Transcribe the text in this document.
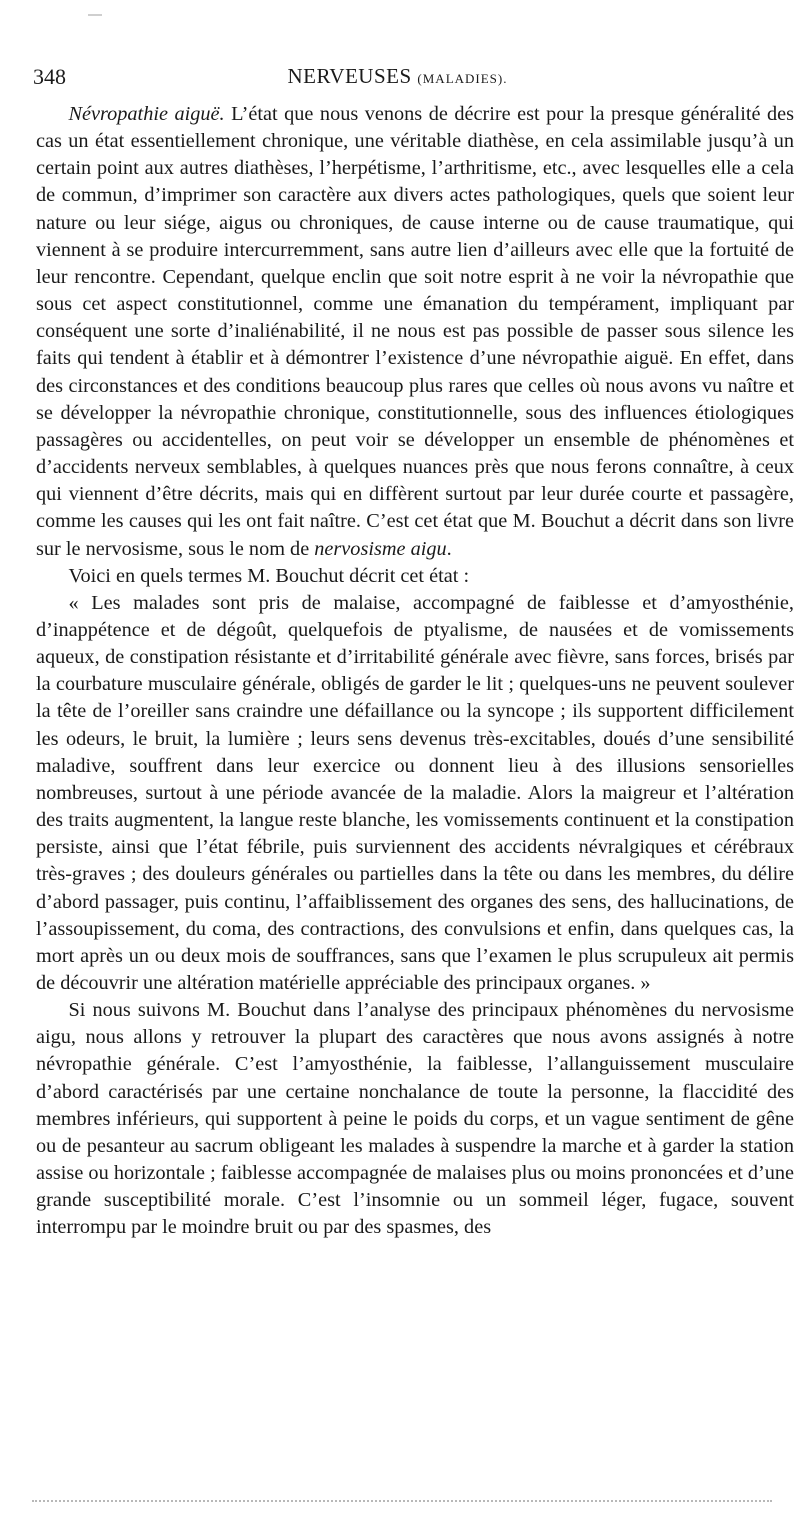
348	NERVEUSES (MALADIES).

Névropathie aiguë. L’état que nous venons de décrire est pour la presque généralité des cas un état essentiellement chronique, une véritable diathèse, en cela assimilable jusqu’à un certain point aux autres diathèses, l’herpétisme, l’arthritisme, etc., avec lesquelles elle a cela de commun, d’imprimer son caractère aux divers actes pathologiques, quels que soient leur nature ou leur siége, aigus ou chroniques, de cause interne ou de cause traumatique, qui viennent à se produire intercurremment, sans autre lien d’ailleurs avec elle que la fortuité de leur rencontre. Cependant, quelque enclin que soit notre esprit à ne voir la névropathie que sous cet aspect constitutionnel, comme une émanation du tempérament, impliquant par conséquent une sorte d’inaliénabilité, il ne nous est pas possible de passer sous silence les faits qui tendent à établir et à démontrer l’existence d’une névropathie aiguë. En effet, dans des circonstances et des conditions beaucoup plus rares que celles où nous avons vu naître et se développer la névropathie chronique, constitutionnelle, sous des influences étiologiques passagères ou accidentelles, on peut voir se développer un ensemble de phénomènes et d’accidents nerveux semblables, à quelques nuances près que nous ferons connaître, à ceux qui viennent d’être décrits, mais qui en diffèrent surtout par leur durée courte et passagère, comme les causes qui les ont fait naître. C’est cet état que M. Bouchut a décrit dans son livre sur le nervosisme, sous le nom de nervosisme aigu.

Voici en quels termes M. Bouchut décrit cet état :

« Les malades sont pris de malaise, accompagné de faiblesse et d’amyosthénie, d’inappétence et de dégoût, quelquefois de ptyalisme, de nausées et de vomissements aqueux, de constipation résistante et d’irritabilité générale avec fièvre, sans forces, brisés par la courbature musculaire générale, obligés de garder le lit ; quelques-uns ne peuvent soulever la tête de l’oreiller sans craindre une défaillance ou la syncope ; ils supportent difficilement les odeurs, le bruit, la lumière ; leurs sens devenus très-excitables, doués d’une sensibilité maladive, souffrent dans leur exercice ou donnent lieu à des illusions sensorielles nombreuses, surtout à une période avancée de la maladie. Alors la maigreur et l’altération des traits augmentent, la langue reste blanche, les vomissements continuent et la constipation persiste, ainsi que l’état fébrile, puis surviennent des accidents névralgiques et cérébraux très-graves ; des douleurs générales ou partielles dans la tête ou dans les membres, du délire d’abord passager, puis continu, l’affaiblissement des organes des sens, des hallucinations, de l’assoupissement, du coma, des contractions, des convulsions et enfin, dans quelques cas, la mort après un ou deux mois de souffrances, sans que l’examen le plus scrupuleux ait permis de découvrir une altération matérielle appréciable des principaux organes. »

Si nous suivons M. Bouchut dans l’analyse des principaux phénomènes du nervosisme aigu, nous allons y retrouver la plupart des caractères que nous avons assignés à notre névropathie générale. C’est l’amyosthénie, la faiblesse, l’allanguissement musculaire d’abord caractérisés par une certaine nonchalance de toute la personne, la flaccidité des membres inférieurs, qui supportent à peine le poids du corps, et un vague sentiment de gêne ou de pesanteur au sacrum obligeant les malades à suspendre la marche et à garder la station assise ou horizontale ; faiblesse accompagnée de malaises plus ou moins prononcées et d’une grande susceptibilité morale. C’est l’insomnie ou un sommeil léger, fugace, souvent interrompu par le moindre bruit ou par des spasmes, des
